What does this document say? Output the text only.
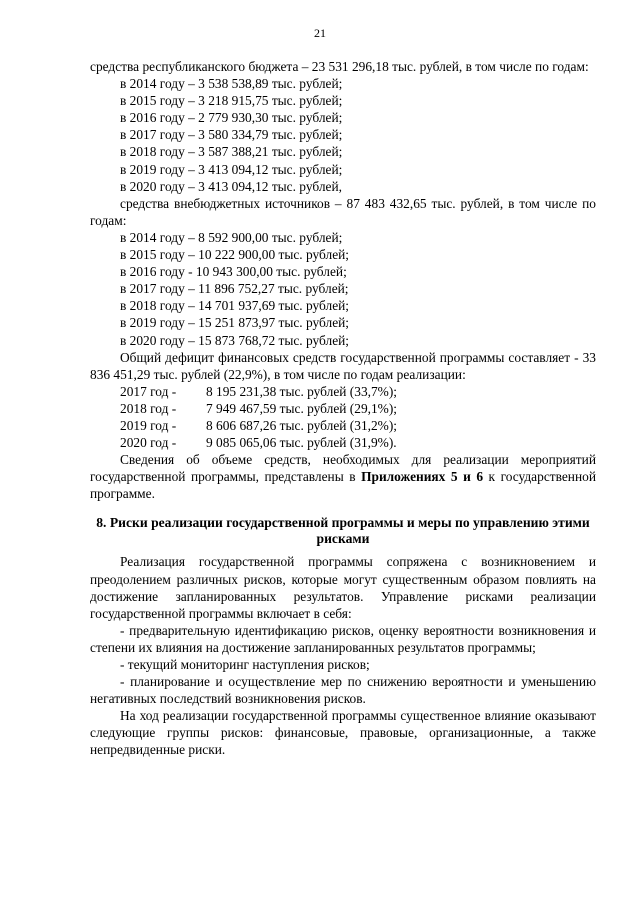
21

средства республиканского бюджета – 23 531 296,18 тыс. рублей, в том числе по годам:

в 2014 году – 3 538 538,89 тыс. рублей;

в 2015 году – 3 218 915,75 тыс. рублей;

в 2016 году – 2 779 930,30 тыс. рублей;

в 2017 году – 3 580 334,79 тыс. рублей;

в 2018 году – 3 587 388,21 тыс. рублей;

в 2019 году – 3 413 094,12 тыс. рублей;

в 2020 году – 3 413 094,12 тыс. рублей,

средства внебюджетных источников – 87 483 432,65 тыс. рублей, в том числе по годам:

в 2014 году – 8 592 900,00 тыс. рублей;

в 2015 году – 10 222 900,00 тыс. рублей;

в 2016 году - 10 943 300,00 тыс. рублей;

в 2017 году – 11 896 752,27 тыс. рублей;

в 2018 году – 14 701 937,69 тыс. рублей;

в 2019 году – 15 251 873,97 тыс. рублей;

в 2020 году – 15 873 768,72 тыс. рублей;

Общий дефицит финансовых средств государственной программы составляет - 33 836 451,29 тыс. рублей (22,9%), в том числе по годам реализации:

2017 год - 8 195 231,38 тыс. рублей (33,7%);

2018 год - 7 949 467,59 тыс. рублей (29,1%);

2019 год - 8 606 687,26 тыс. рублей (31,2%);

2020 год - 9 085 065,06 тыс. рублей (31,9%).

Сведения об объеме средств, необходимых для реализации мероприятий государственной программы, представлены в Приложениях 5 и 6 к государственной программе.

8. Риски реализации государственной программы и меры по управлению этими рисками

Реализация государственной программы сопряжена с возникновением и преодолением различных рисков, которые могут существенным образом повлиять на достижение запланированных результатов. Управление рисками реализации государственной программы включает в себя:

- предварительную идентификацию рисков, оценку вероятности возникновения и степени их влияния на достижение запланированных результатов программы;

- текущий мониторинг наступления рисков;

- планирование и осуществление мер по снижению вероятности и уменьшению негативных последствий возникновения рисков.

На ход реализации государственной программы существенное влияние оказывают следующие группы рисков: финансовые, правовые, организационные, а также непредвиденные риски.
